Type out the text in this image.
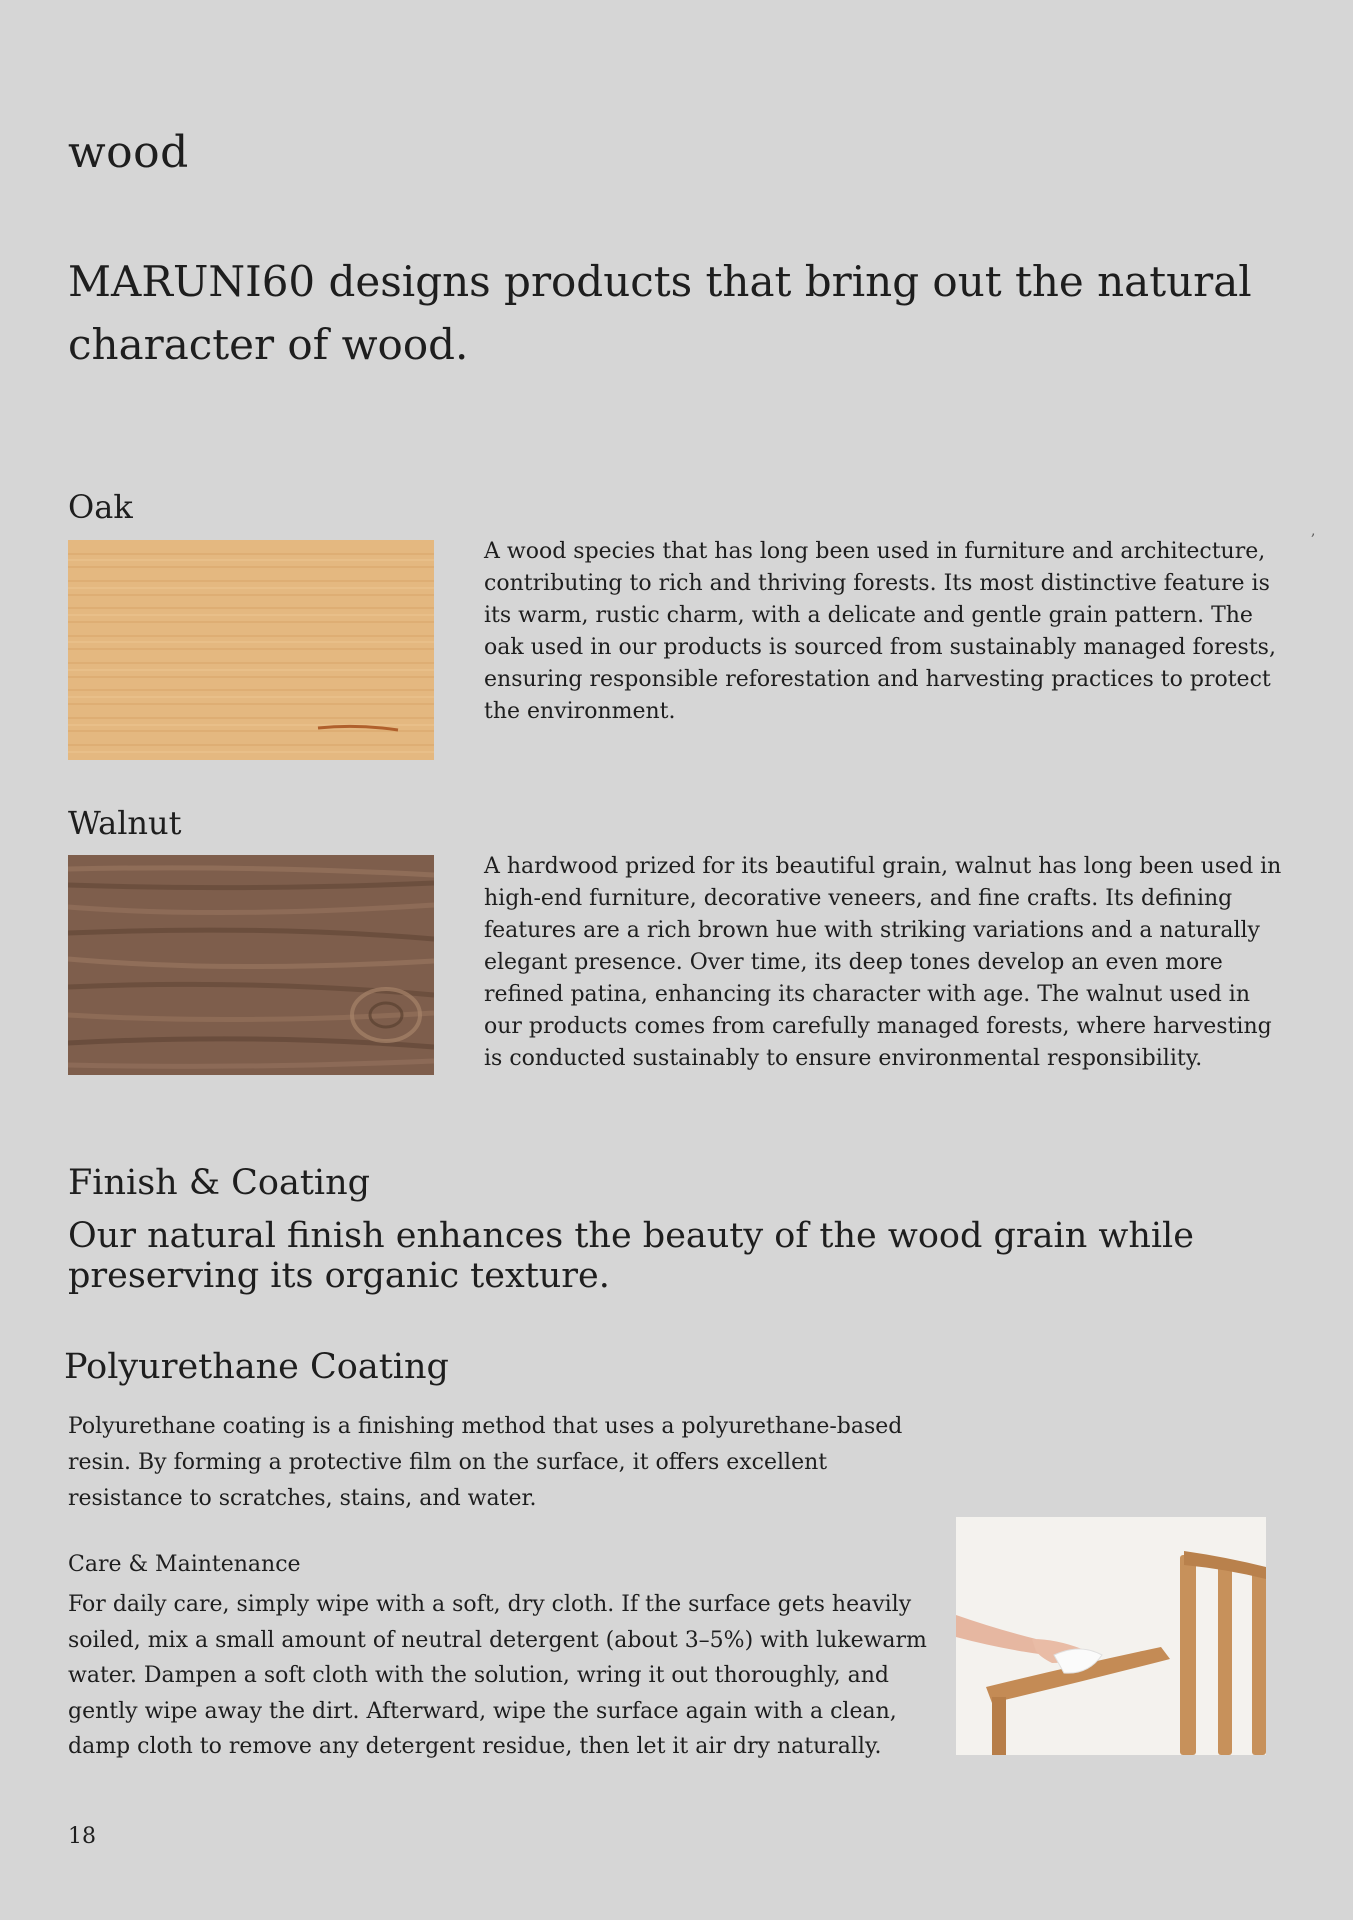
wood
MARUNI60 designs products that bring out the natural character of wood.
Oak
A wood species that has long been used in furniture and architecture, contributing to rich and thriving forests. Its most distinctive feature is its warm, rustic charm, with a delicate and gentle grain pattern. The oak used in our products is sourced from sustainably managed forests, ensuring responsible reforestation and harvesting practices to protect the environment.
Walnut
A hardwood prized for its beautiful grain, walnut has long been used in high-end furniture, decorative veneers, and fine crafts. Its defining features are a rich brown hue with striking variations and a naturally elegant presence. Over time, its deep tones develop an even more refined patina, enhancing its character with age. The walnut used in our products comes from carefully managed forests, where harvesting is conducted sustainably to ensure environmental responsibility.
Finish & Coating
Our natural finish enhances the beauty of the wood grain while preserving its organic texture.
Polyurethane Coating
Polyurethane coating is a finishing method that uses a polyurethane-based resin. By forming a protective film on the surface, it offers excellent resistance to scratches, stains, and water.
Care & Maintenance
For daily care, simply wipe with a soft, dry cloth. If the surface gets heavily soiled, mix a small amount of neutral detergent (about 3–5%) with lukewarm water. Dampen a soft cloth with the solution, wring it out thoroughly, and gently wipe away the dirt. Afterward, wipe the surface again with a clean, damp cloth to remove any detergent residue, then let it air dry naturally.
18
,
